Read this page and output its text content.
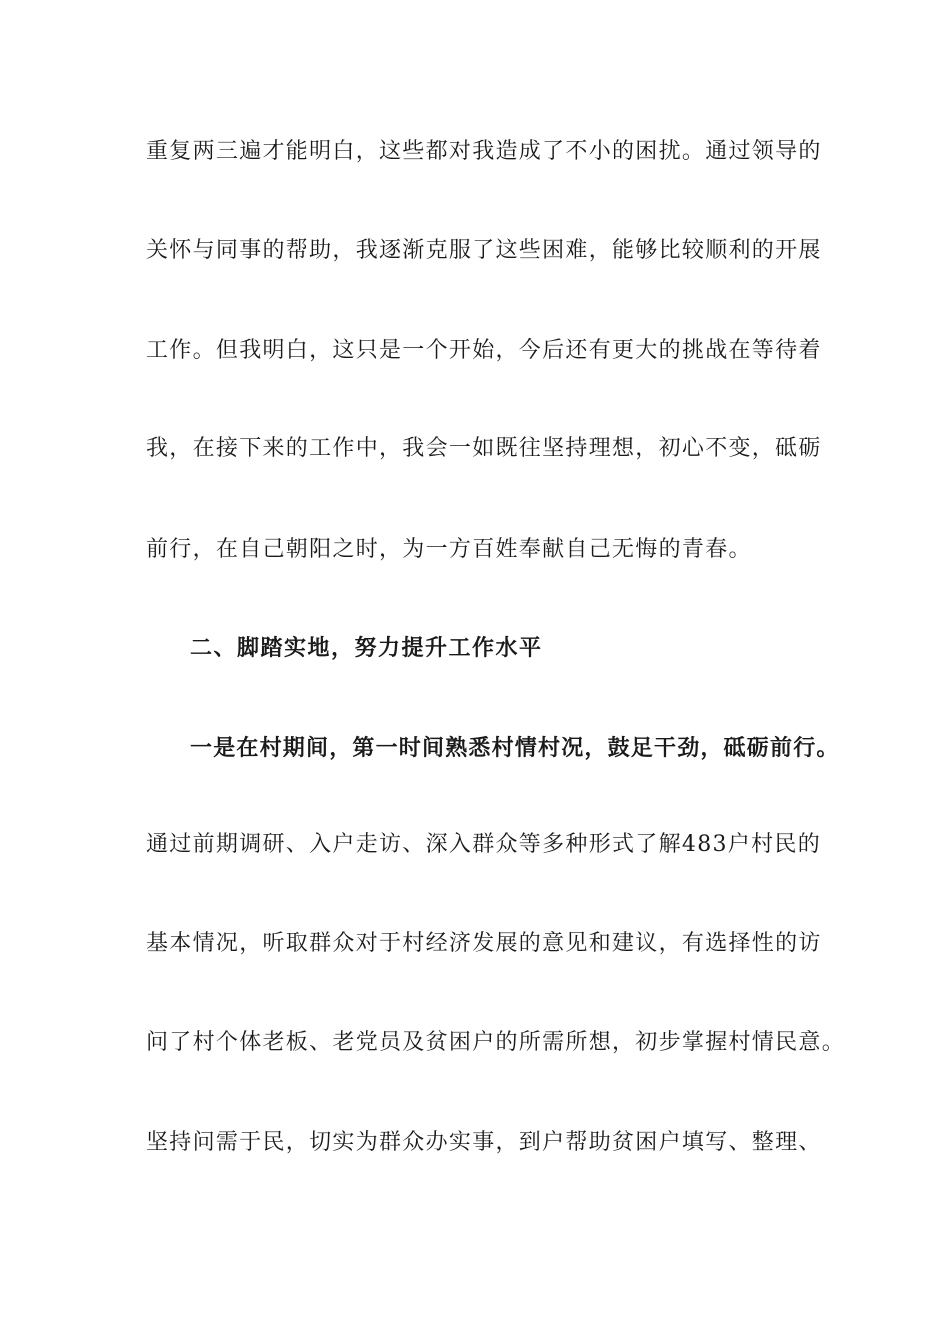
重复两三遍才能明白，这些都对我造成了不小的困扰。通过领导的
关怀与同事的帮助，我逐渐克服了这些困难，能够比较顺利的开展
工作。但我明白，这只是一个开始，今后还有更大的挑战在等待着
我，在接下来的工作中，我会一如既往坚持理想，初心不变，砥砺
前行，在自己朝阳之时，为一方百姓奉献自己无悔的青春。
二、脚踏实地，努力提升工作水平
一是在村期间，第一时间熟悉村情村况，鼓足干劲，砥砺前行。
通过前期调研、入户走访、深入群众等多种形式了解483户村民的
基本情况，听取群众对于村经济发展的意见和建议，有选择性的访
问了村个体老板、老党员及贫困户的所需所想，初步掌握村情民意。
坚持问需于民，切实为群众办实事，到户帮助贫困户填写、整理、
